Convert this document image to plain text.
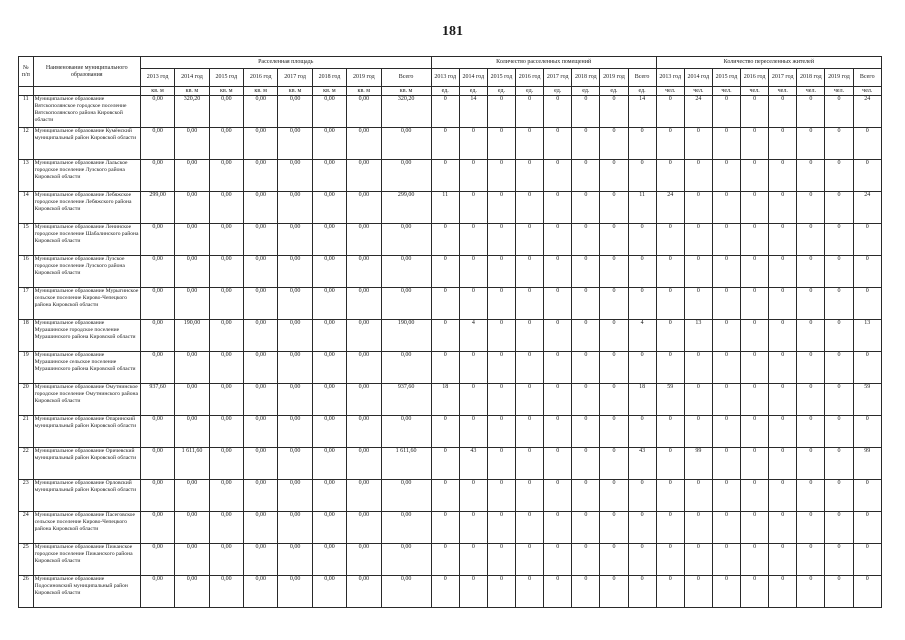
181
№ п/п	Наименование муниципального образования	Расселенная площадь								Количество расселенных помещений								Количество переселенных жителей							
		2013 год	2014 год	2015 год	2016 год	2017 год	2018 год	2019 год	Всего	2013 год	2014 год	2015 год	2016 год	2017 год	2018 год	2019 год	Всего	2013 год	2014 год	2015 год	2016 год	2017 год	2018 год	2019 год	Всего
		кв. м	кв. м	кв. м	кв. м	кв. м	кв. м	кв. м	кв. м	ед.	ед.	ед.	ед.	ед.	ед.	ед.	ед.	чел.	чел.	чел.	чел.	чел.	чел.	чел.	чел.
11	Муниципальное образование Вятскополянское городское поселение Вятскополянского района Кировской области	0,00	320,20	0,00	0,00	0,00	0,00	0,00	320,20	0	14	0	0	0	0	0	14	0	24	0	0	0	0	0	24
12	Муниципальное образование Кумёнский муниципальный район Кировской области	0,00	0,00	0,00	0,00	0,00	0,00	0,00	0,00	0	0	0	0	0	0	0	0	0	0	0	0	0	0	0	0
13	Муниципальное образование Лальское городское поселение Лузского района Кировской области	0,00	0,00	0,00	0,00	0,00	0,00	0,00	0,00	0	0	0	0	0	0	0	0	0	0	0	0	0	0	0	0
14	Муниципальное образование Лебяжское городское поселение Лебяжского района Кировской области	299,00	0,00	0,00	0,00	0,00	0,00	0,00	299,00	11	0	0	0	0	0	0	11	24	0	0	0	0	0	0	24
15	Муниципальное образование Ленинское городское поселение Шабалинского района Кировской области	0,00	0,00	0,00	0,00	0,00	0,00	0,00	0,00	0	0	0	0	0	0	0	0	0	0	0	0	0	0	0	0
16	Муниципальное образование Лузское городское поселение Лузского района Кировской области	0,00	0,00	0,00	0,00	0,00	0,00	0,00	0,00	0	0	0	0	0	0	0	0	0	0	0	0	0	0	0	0
17	Муниципальное образование Мурыгинское сельское поселение Кирово-Чепецкого района Кировской области	0,00	0,00	0,00	0,00	0,00	0,00	0,00	0,00	0	0	0	0	0	0	0	0	0	0	0	0	0	0	0	0
18	Муниципальное образование Мурашинское городское поселение Мурашинского района Кировской области	0,00	190,00	0,00	0,00	0,00	0,00	0,00	190,00	0	4	0	0	0	0	0	4	0	13	0	0	0	0	0	13
19	Муниципальное образование Мурашинское сельское поселение Мурашинского района Кировской области	0,00	0,00	0,00	0,00	0,00	0,00	0,00	0,00	0	0	0	0	0	0	0	0	0	0	0	0	0	0	0	0
20	Муниципальное образование Омутнинское городское поселение Омутнинского района Кировской области	937,60	0,00	0,00	0,00	0,00	0,00	0,00	937,60	18	0	0	0	0	0	0	18	59	0	0	0	0	0	0	59
21	Муниципальное образование Опаринский муниципальный район Кировской области	0,00	0,00	0,00	0,00	0,00	0,00	0,00	0,00	0	0	0	0	0	0	0	0	0	0	0	0	0	0	0	0
22	Муниципальное образование Оричевский муниципальный район Кировской области	0,00	1 611,60	0,00	0,00	0,00	0,00	0,00	1 611,60	0	43	0	0	0	0	0	43	0	99	0	0	0	0	0	99
23	Муниципальное образование Орловский муниципальный район Кировской области	0,00	0,00	0,00	0,00	0,00	0,00	0,00	0,00	0	0	0	0	0	0	0	0	0	0	0	0	0	0	0	0
24	Муниципальное образование Пасеговское сельское поселение Кирово-Чепецкого района Кировской области	0,00	0,00	0,00	0,00	0,00	0,00	0,00	0,00	0	0	0	0	0	0	0	0	0	0	0	0	0	0	0	0
25	Муниципальное образование Пижанское городское поселение Пижанского района Кировской области	0,00	0,00	0,00	0,00	0,00	0,00	0,00	0,00	0	0	0	0	0	0	0	0	0	0	0	0	0	0	0	0
26	Муниципальное образование Подосиновский муниципальный район Кировской области	0,00	0,00	0,00	0,00	0,00	0,00	0,00	0,00	0	0	0	0	0	0	0	0	0	0	0	0	0	0	0	0
